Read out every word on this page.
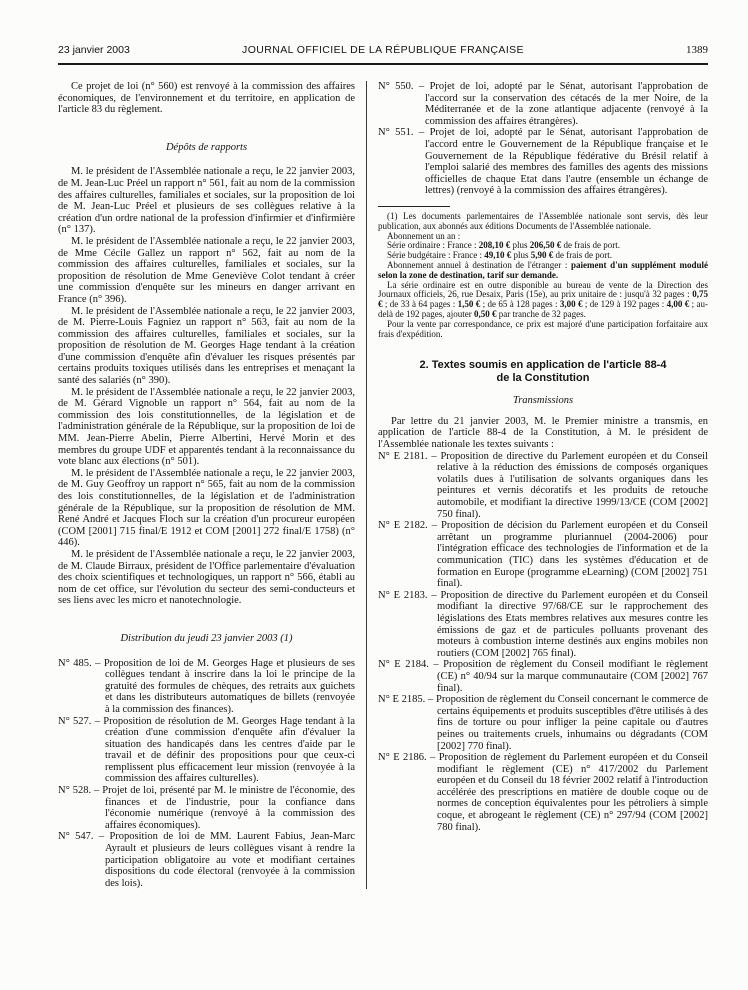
23 janvier 2003	JOURNAL OFFICIEL DE LA RÉPUBLIQUE FRANÇAISE	1389

Ce projet de loi (n° 560) est renvoyé à la commission des affaires économiques, de l'environnement et du territoire, en application de l'article 83 du règlement.

Dépôts de rapports

M. le président de l'Assemblée nationale a reçu, le 22 janvier 2003, de M. Jean-Luc Préel un rapport n° 561, fait au nom de la commission des affaires culturelles, familiales et sociales, sur la proposition de loi de M. Jean-Luc Préel et plusieurs de ses collègues relative à la création d'un ordre national de la profession d'infirmier et d'infirmière (n° 137).

M. le président de l'Assemblée nationale a reçu, le 22 janvier 2003, de Mme Cécile Gallez un rapport n° 562, fait au nom de la commission des affaires culturelles, familiales et sociales, sur la proposition de résolution de Mme Geneviève Colot tendant à créer une commission d'enquête sur les mineurs en danger arrivant en France (n° 396).

M. le président de l'Assemblée nationale a reçu, le 22 janvier 2003, de M. Pierre-Louis Fagniez un rapport n° 563, fait au nom de la commission des affaires culturelles, familiales et sociales, sur la proposition de résolution de M. Georges Hage tendant à la création d'une commission d'enquête afin d'évaluer les risques présentés par certains produits toxiques utilisés dans les entreprises et menaçant la santé des salariés (n° 390).

M. le président de l'Assemblée nationale a reçu, le 22 janvier 2003, de M. Gérard Vignoble un rapport n° 564, fait au nom de la commission des lois constitutionnelles, de la législation et de l'administration générale de la République, sur la proposition de loi de MM. Jean-Pierre Abelin, Pierre Albertini, Hervé Morin et des membres du groupe UDF et apparentés tendant à la reconnaissance du vote blanc aux élections (n° 501).

M. le président de l'Assemblée nationale a reçu, le 22 janvier 2003, de M. Guy Geoffroy un rapport n° 565, fait au nom de la commission des lois constitutionnelles, de la législation et de l'administration générale de la République, sur la proposition de résolution de MM. René André et Jacques Floch sur la création d'un procureur européen (COM [2001] 715 final/E 1912 et COM [2001] 272 final/E 1758) (n° 446).

M. le président de l'Assemblée nationale a reçu, le 22 janvier 2003, de M. Claude Birraux, président de l'Office parlementaire d'évaluation des choix scientifiques et technologiques, un rapport n° 566, établi au nom de cet office, sur l'évolution du secteur des semi-conducteurs et ses liens avec les micro et nanotechnologie.

Distribution du jeudi 23 janvier 2003 (1)
N° 485. – Proposition de loi de M. Georges Hage et plusieurs de ses collègues tendant à inscrire dans la loi le principe de la gratuité des formules de chèques, des retraits aux guichets et dans les distributeurs automatiques de billets (renvoyée à la commission des finances).
N° 527. – Proposition de résolution de M. Georges Hage tendant à la création d'une commission d'enquête afin d'évaluer la situation des handicapés dans les centres d'aide par le travail et de définir des propositions pour que ceux-ci remplissent plus efficacement leur mission (renvoyée à la commission des affaires culturelles).
N° 528. – Projet de loi, présenté par M. le ministre de l'économie, des finances et de l'industrie, pour la confiance dans l'économie numérique (renvoyé à la commission des affaires économiques).
N° 547. – Proposition de loi de MM. Laurent Fabius, Jean-Marc Ayrault et plusieurs de leurs collègues visant à rendre la participation obligatoire au vote et modifiant certaines dispositions du code électoral (renvoyée à la commission des lois).
N° 550. – Projet de loi, adopté par le Sénat, autorisant l'approbation de l'accord sur la conservation des cétacés de la mer Noire, de la Méditerranée et de la zone atlantique adjacente (renvoyé à la commission des affaires étrangères).
N° 551. – Projet de loi, adopté par le Sénat, autorisant l'approbation de l'accord entre le Gouvernement de la République française et le Gouvernement de la République fédérative du Brésil relatif à l'emploi salarié des membres des familles des agents des missions officielles de chaque Etat dans l'autre (ensemble un échange de lettres) (renvoyé à la commission des affaires étrangères).

(1) Les documents parlementaires de l'Assemblée nationale sont servis, dès leur publication, aux abonnés aux éditions Documents de l'Assemblée nationale.

Abonnement un an :

Série ordinaire : France : 208,10 € plus 206,50 € de frais de port.

Série budgétaire : France : 49,10 € plus 5,90 € de frais de port.

Abonnement annuel à destination de l'étranger : paiement d'un supplément modulé selon la zone de destination, tarif sur demande.

La série ordinaire est en outre disponible au bureau de vente de la Direction des Journaux officiels, 26, rue Desaix, Paris (15e), au prix unitaire de : jusqu'à 32 pages : 0,75 € ; de 33 à 64 pages : 1,50 € ; de 65 à 128 pages : 3,00 € ; de 129 à 192 pages : 4,00 € ; au-delà de 192 pages, ajouter 0,50 € par tranche de 32 pages.

Pour la vente par correspondance, ce prix est majoré d'une participation forfaitaire aux frais d'expédition.

2. Textes soumis en application de l'article 88-4
de la Constitution
Transmissions

Par lettre du 21 janvier 2003, M. le Premier ministre a transmis, en application de l'article 88-4 de la Constitution, à M. le président de l'Assemblée nationale les textes suivants :

N° E 2181. – Proposition de directive du Parlement européen et du Conseil relative à la réduction des émissions de composés organiques volatils dues à l'utilisation de solvants organiques dans les peintures et vernis décoratifs et les produits de retouche automobile, et modifiant la directive 1999/13/CE (COM [2002] 750 final).
N° E 2182. – Proposition de décision du Parlement européen et du Conseil arrêtant un programme pluriannuel (2004-2006) pour l'intégration efficace des technologies de l'information et de la communication (TIC) dans les systèmes d'éducation et de formation en Europe (programme eLearning) (COM [2002] 751 final).
N° E 2183. – Proposition de directive du Parlement européen et du Conseil modifiant la directive 97/68/CE sur le rapprochement des législations des Etats membres relatives aux mesures contre les émissions de gaz et de particules polluants provenant des moteurs à combustion interne destinés aux engins mobiles non routiers (COM [2002] 765 final).
N° E 2184. – Proposition de règlement du Conseil modifiant le règlement (CE) n° 40/94 sur la marque communautaire (COM [2002] 767 final).
N° E 2185. – Proposition de règlement du Conseil concernant le commerce de certains équipements et produits susceptibles d'être utilisés à des fins de torture ou pour infliger la peine capitale ou d'autres peines ou traitements cruels, inhumains ou dégradants (COM [2002] 770 final).
N° E 2186. – Proposition de règlement du Parlement européen et du Conseil modifiant le règlement (CE) n° 417/2002 du Parlement européen et du Conseil du 18 février 2002 relatif à l'introduction accélérée des prescriptions en matière de double coque ou de normes de conception équivalentes pour les pétroliers à simple coque, et abrogeant le règlement (CE) n° 297/94 (COM [2002] 780 final).
